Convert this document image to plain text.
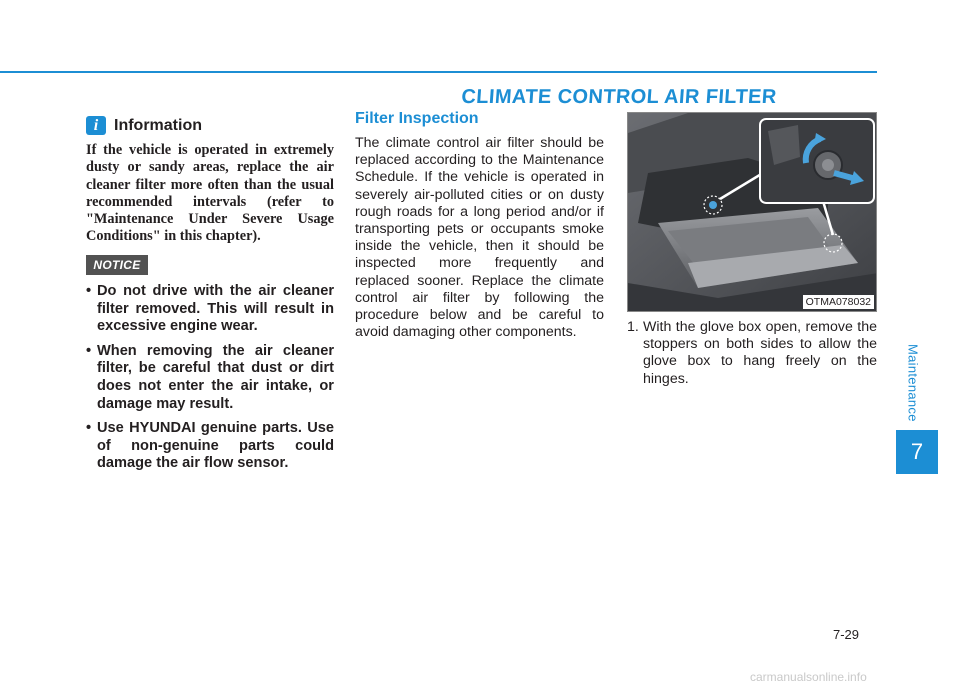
Maintenance
7
CLIMATE CONTROL AIR FILTER
i Information

If the vehicle is operated in extremely dusty or sandy areas, replace the air cleaner filter more often than the usual recommended intervals (refer to "Maintenance Under Severe Usage Conditions" in this chapter).

NOTICE
• Do not drive with the air cleaner filter removed. This will result in excessive engine wear.
• When removing the air cleaner filter, be careful that dust or dirt does not enter the air intake, or damage may result.
• Use HYUNDAI genuine parts. Use of non-genuine parts could damage the air flow sensor.
Filter Inspection

The climate control air filter should be replaced according to the Maintenance Schedule. If the vehicle is operated in severely air-polluted cities or on dusty rough roads for a long period and/or if transporting pets or occupants smoke inside the vehicle, then it should be inspected more frequently and replaced sooner. Replace the climate control air filter by following the procedure below and be careful to avoid damaging other components.

OTMA078032
1. With the glove box open, remove the stoppers on both sides to allow the glove box to hang freely on the hinges.
7-29
carmanualsonline.info
